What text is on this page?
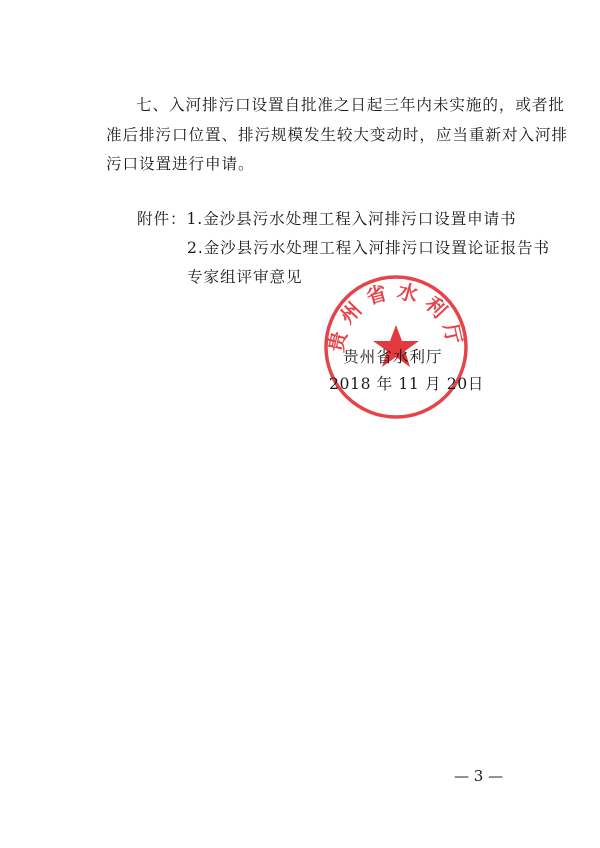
七、入河排污口设置自批准之日起三年内未实施的，或者批
准后排污口位置、排污规模发生较大变动时，应当重新对入河排
污口设置进行申请。
附件：1.金沙县污水处理工程入河排污口设置申请书
2.金沙县污水处理工程入河排污口设置论证报告书
专家组评审意见
贵州省水利厅
贵州省水利厅
2018 年 11 月 20日
— 3 —
